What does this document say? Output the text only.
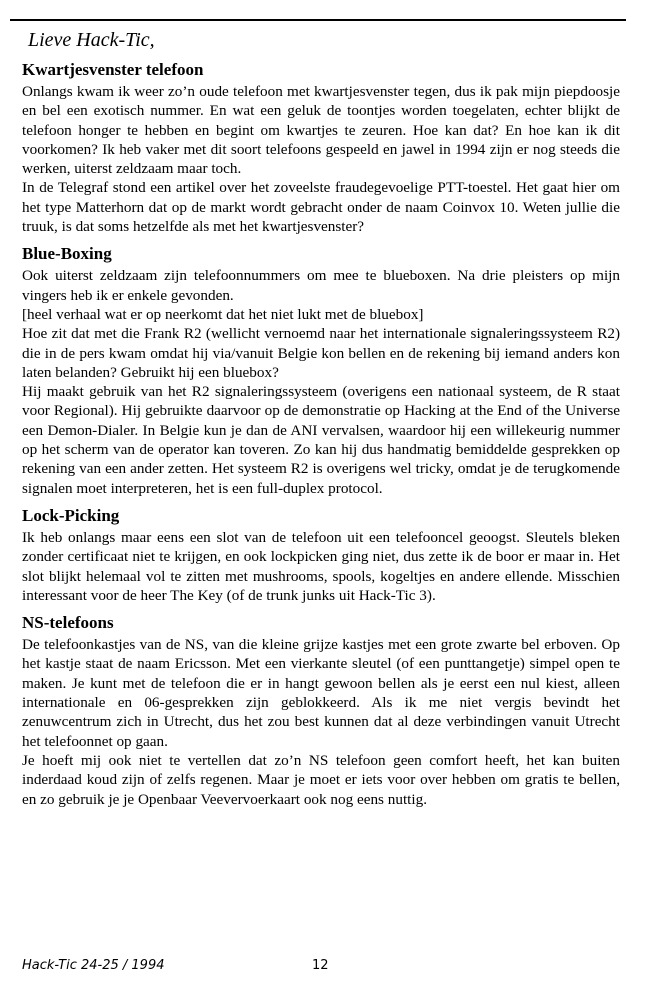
Lieve Hack-Tic,
Kwartjesvenster telefoon

Onlangs kwam ik weer zo’n oude telefoon met kwartjesvenster tegen, dus ik pak mijn piepdoosje en bel een exotisch nummer. En wat een geluk de toontjes worden toegelaten, echter blijkt de telefoon honger te hebben en begint om kwartjes te zeuren. Hoe kan dat? En hoe kan ik dit voorkomen? Ik heb vaker met dit soort telefoons gespeeld en jawel in 1994 zijn er nog steeds die werken, uiterst zeldzaam maar toch.

In de Telegraf stond een artikel over het zoveelste fraudegevoelige PTT-toestel. Het gaat hier om het type Matterhorn dat op de markt wordt gebracht onder de naam Coinvox 10. Weten jullie die truuk, is dat soms hetzelfde als met het kwartjesvenster?

Blue-Boxing

Ook uiterst zeldzaam zijn telefoonnummers om mee te blueboxen. Na drie pleisters op mijn vingers heb ik er enkele gevonden.

[heel verhaal wat er op neerkomt dat het niet lukt met de bluebox]

Hoe zit dat met die Frank R2 (wellicht vernoemd naar het internationale signaleringssysteem R2) die in de pers kwam omdat hij via/vanuit Belgie kon bellen en de rekening bij iemand anders kon laten belanden? Gebruikt hij een bluebox?

Hij maakt gebruik van het R2 signaleringssysteem (overigens een nationaal systeem, de R staat voor Regional). Hij gebruikte daarvoor op de demonstratie op Hacking at the End of the Universe een Demon-Dialer. In Belgie kun je dan de ANI vervalsen, waardoor hij een willekeurig nummer op het scherm van de operator kan toveren. Zo kan hij dus handmatig bemiddelde gesprekken op rekening van een ander zetten. Het systeem R2 is overigens wel tricky, omdat je de terugkomende signalen moet interpreteren, het is een full-duplex protocol.

Lock-Picking

Ik heb onlangs maar eens een slot van de telefoon uit een telefooncel geoogst. Sleutels bleken zonder certificaat niet te krijgen, en ook lockpicken ging niet, dus zette ik de boor er maar in. Het slot blijkt helemaal vol te zitten met mushrooms, spools, kogeltjes en andere ellende. Misschien interessant voor de heer The Key (of de trunk junks uit Hack-Tic 3).

NS-telefoons

De telefoonkastjes van de NS, van die kleine grijze kastjes met een grote zwarte bel erboven. Op het kastje staat de naam Ericsson. Met een vierkante sleutel (of een punttangetje) simpel open te maken. Je kunt met de telefoon die er in hangt gewoon bellen als je eerst een nul kiest, alleen internationale en 06-gesprekken zijn geblokkeerd. Als ik me niet vergis bevindt het zenuwcentrum zich in Utrecht, dus het zou best kunnen dat al deze verbindingen vanuit Utrecht het telefoonnet op gaan.

Je hoeft mij ook niet te vertellen dat zo’n NS telefoon geen comfort heeft, het kan buiten inderdaad koud zijn of zelfs regenen. Maar je moet er iets voor over hebben om gratis te bellen, en zo gebruik je je Openbaar Veevervoerkaart ook nog eens nuttig.

Hack-Tic 24-25 / 1994	12
